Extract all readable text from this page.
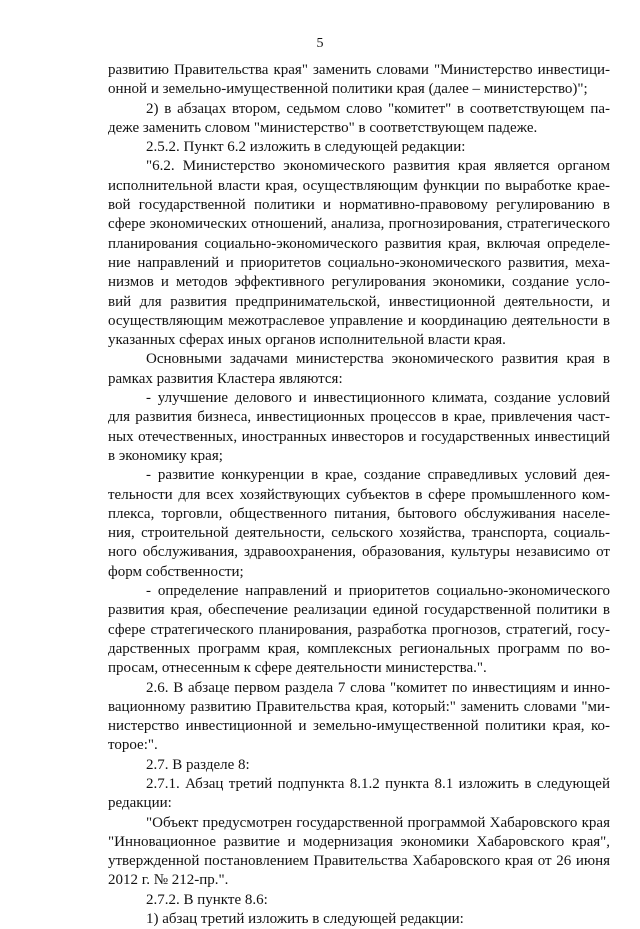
5
развитию Правительства края" заменить словами "Министерство инвестици-
онной и земельно-имущественной политики края (далее – министерство)";
2) в абзацах втором, седьмом слово "комитет" в соответствующем па-
деже заменить словом "министерство" в соответствующем падеже.
2.5.2. Пункт 6.2 изложить в следующей редакции:
"6.2. Министерство экономического развития края является органом
исполнительной власти края, осуществляющим функции по выработке крае-
вой государственной политики и нормативно-правовому регулированию в
сфере экономических отношений, анализа, прогнозирования, стратегического
планирования социально-экономического развития края, включая определе-
ние направлений и приоритетов социально-экономического развития, меха-
низмов и методов эффективного регулирования экономики, создание усло-
вий для развития предпринимательской, инвестиционной деятельности, и
осуществляющим межотраслевое управление и координацию деятельности в
указанных сферах иных органов исполнительной власти края.
Основными задачами министерства экономического развития края в
рамках развития Кластера являются:
- улучшение делового и инвестиционного климата, создание условий
для развития бизнеса, инвестиционных процессов в крае, привлечения част-
ных отечественных, иностранных инвесторов и государственных инвестиций
в экономику края;
- развитие конкуренции в крае, создание справедливых условий дея-
тельности для всех хозяйствующих субъектов в сфере промышленного ком-
плекса, торговли, общественного питания, бытового обслуживания населе-
ния, строительной деятельности, сельского хозяйства, транспорта, социаль-
ного обслуживания, здравоохранения, образования, культуры независимо от
форм собственности;
- определение направлений и приоритетов социально-экономического
развития края, обеспечение реализации единой государственной политики в
сфере стратегического планирования, разработка прогнозов, стратегий, госу-
дарственных программ края, комплексных региональных программ по во-
просам, отнесенным к сфере деятельности министерства.".
2.6. В абзаце первом раздела 7 слова "комитет по инвестициям и инно-
вационному развитию Правительства края, который:" заменить словами "ми-
нистерство инвестиционной и земельно-имущественной политики края, ко-
торое:".
2.7. В разделе 8:
2.7.1. Абзац третий подпункта 8.1.2 пункта 8.1 изложить в следующей
редакции:
"Объект предусмотрен государственной программой Хабаровского края
"Инновационное развитие и модернизация экономики Хабаровского края",
утвержденной постановлением Правительства Хабаровского края от 26 июня
2012 г. № 212-пр.".
2.7.2. В пункте 8.6:
1) абзац третий изложить в следующей редакции:
